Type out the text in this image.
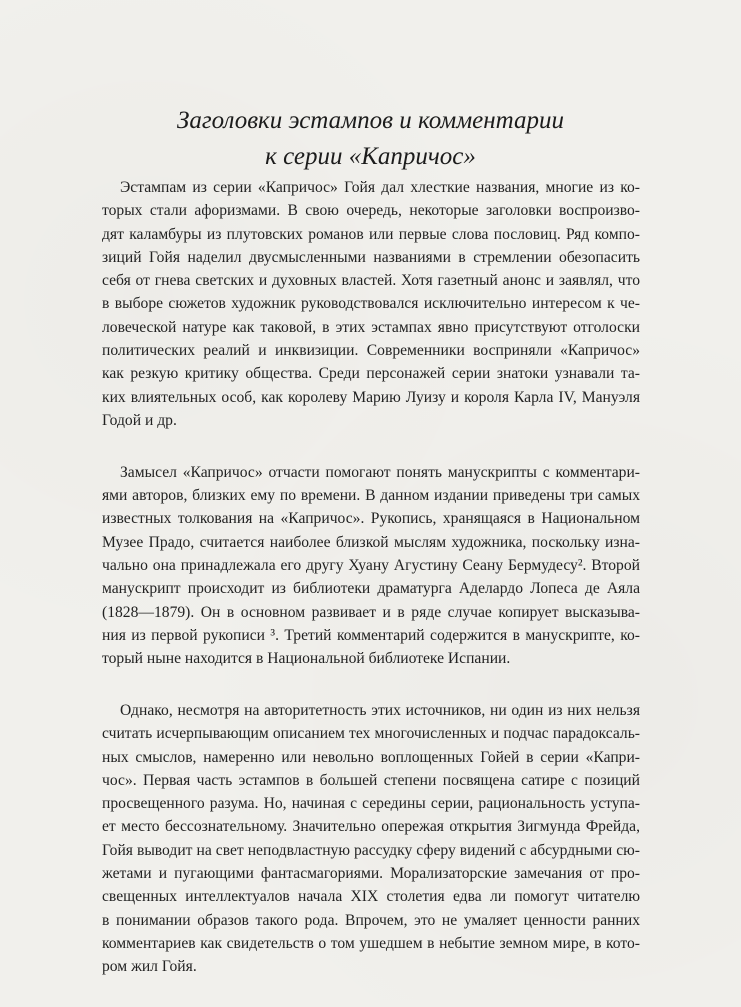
Заголовки эстампов и комментарии
к серии «Капричос»
Эстампам из серии «Капричос» Гойя дал хлесткие названия, многие из ко-
торых стали афоризмами. В свою очередь, некоторые заголовки воспроизво-
дят каламбуры из плутовских романов или первые слова пословиц. Ряд компо-
зиций Гойя наделил двусмысленными названиями в стремлении обезопасить
себя от гнева светских и духовных властей. Хотя газетный анонс и заявлял, что
в выборе сюжетов художник руководствовался исключительно интересом к че-
ловеческой натуре как таковой, в этих эстампах явно присутствуют отголоски
политических реалий и инквизиции. Современники восприняли «Капричос»
как резкую критику общества. Среди персонажей серии знатоки узнавали та-
ких влиятельных особ, как королеву Марию Луизу и короля Карла IV, Мануэля
Годой и др.
Замысел «Капричос» отчасти помогают понять манускрипты с комментари-
ями авторов, близких ему по времени. В данном издании приведены три самых
известных толкования на «Капричос». Рукопись, хранящаяся в Национальном
Музее Прадо, считается наиболее близкой мыслям художника, поскольку изна-
чально она принадлежала его другу Хуану Агустину Сеану Бермудесу². Второй
манускрипт происходит из библиотеки драматурга Аделардо Лопеса де Аяла
(1828—1879). Он в основном развивает и в ряде случае копирует высказыва-
ния из первой рукописи ³. Третий комментарий содержится в манускрипте, ко-
торый ныне находится в Национальной библиотеке Испании.
Однако, несмотря на авторитетность этих источников, ни один из них нельзя
считать исчерпывающим описанием тех многочисленных и подчас парадоксаль-
ных смыслов, намеренно или невольно воплощенных Гойей в серии «Капри-
чос». Первая часть эстампов в большей степени посвящена сатире с позиций
просвещенного разума. Но, начиная с середины серии, рациональность уступа-
ет место бессознательному. Значительно опережая открытия Зигмунда Фрейда,
Гойя выводит на свет неподвластную рассудку сферу видений с абсурдными сю-
жетами и пугающими фантасмагориями. Морализаторские замечания от про-
свещенных интеллектуалов начала XIX столетия едва ли помогут читателю
в понимании образов такого рода. Впрочем, это не умаляет ценности ранних
комментариев как свидетельств о том ушедшем в небытие земном мире, в кото-
ром жил Гойя.
